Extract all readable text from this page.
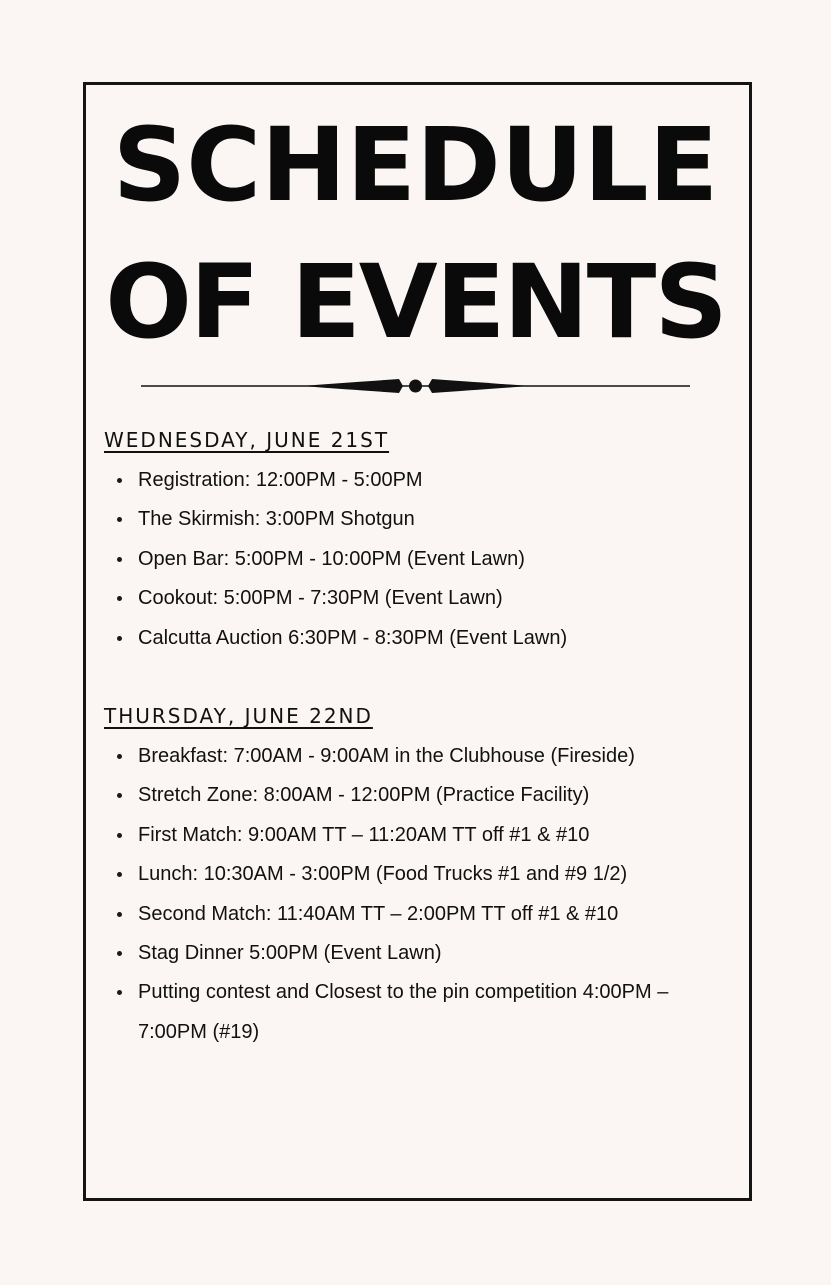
SCHEDULE
OF EVENTS
WEDNESDAY, JUNE 21ST
Registration: 12:00PM - 5:00PM
The Skirmish: 3:00PM Shotgun
Open Bar: 5:00PM - 10:00PM (Event Lawn)
Cookout: 5:00PM - 7:30PM (Event Lawn)
Calcutta Auction 6:30PM - 8:30PM (Event Lawn)
THURSDAY, JUNE 22ND
Breakfast: 7:00AM - 9:00AM in the Clubhouse (Fireside)
Stretch Zone: 8:00AM - 12:00PM (Practice Facility)
First Match: 9:00AM TT – 11:20AM TT off #1 & #10
Lunch: 10:30AM - 3:00PM (Food Trucks #1 and #9 1/2)
Second Match: 11:40AM TT – 2:00PM TT off #1 & #10
Stag Dinner 5:00PM (Event Lawn)
Putting contest and Closest to the pin competition 4:00PM – 7:00PM (#19)
